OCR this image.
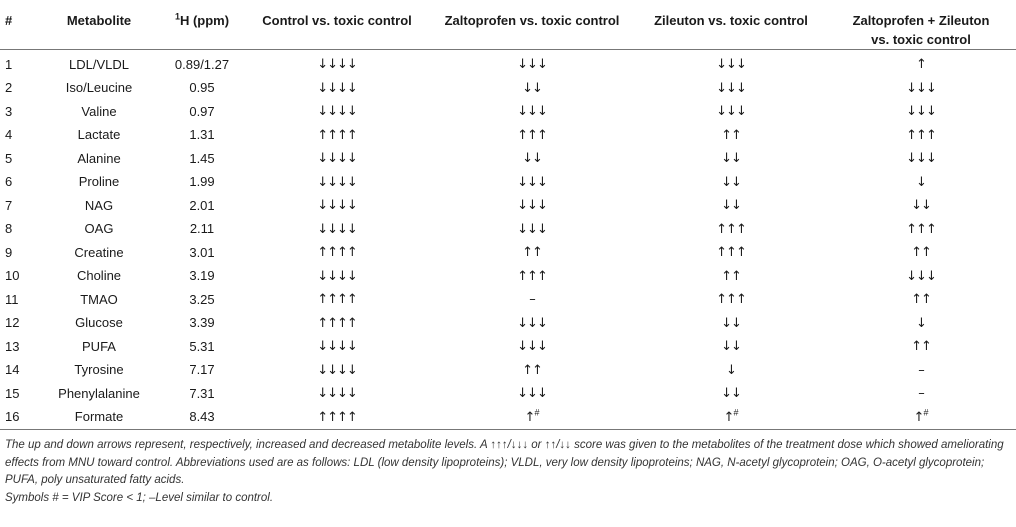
#	Metabolite	$^1$H (ppm)	Control vs. toxic control	Zaltoprofen vs. toxic control	Zileuton vs. toxic control	Zaltoprofen + Zileuton
vs. toxic control
1	LDL/VLDL	0.89/1.27	↓↓↓↓	↓↓↓	↓↓↓	↑
2	Iso/Leucine	0.95	↓↓↓↓	↓↓	↓↓↓	↓↓↓
3	Valine	0.97	↓↓↓↓	↓↓↓	↓↓↓	↓↓↓
4	Lactate	1.31	↑↑↑↑	↑↑↑	↑↑	↑↑↑
5	Alanine	1.45	↓↓↓↓	↓↓	↓↓	↓↓↓
6	Proline	1.99	↓↓↓↓	↓↓↓	↓↓	↓
7	NAG	2.01	↓↓↓↓	↓↓↓	↓↓	↓↓
8	OAG	2.11	↓↓↓↓	↓↓↓	↑↑↑	↑↑↑
9	Creatine	3.01	↑↑↑↑	↑↑	↑↑↑	↑↑
10	Choline	3.19	↓↓↓↓	↑↑↑	↑↑	↓↓↓
11	TMAO	3.25	↑↑↑↑	–	↑↑↑	↑↑
12	Glucose	3.39	↑↑↑↑	↓↓↓	↓↓	↓
13	PUFA	5.31	↓↓↓↓	↓↓↓	↓↓	↑↑
14	Tyrosine	7.17	↓↓↓↓	↑↑	↓	–
15	Phenylalanine	7.31	↓↓↓↓	↓↓↓	↓↓	–
16	Formate	8.43	↑↑↑↑	↑#	↑#	↑#

The up and down arrows represent, respectively, increased and decreased metabolite levels. A ↑↑↑/↓↓↓ or ↑↑/↓↓ score was given to the metabolites of the treatment dose which showed ameliorating effects from MNU toward control. Abbreviations used are as follows: LDL (low density lipoproteins); VLDL, very low density lipoproteins; NAG, N-acetyl glycoprotein; OAG, O-acetyl glycoprotein; PUFA, poly unsaturated fatty acids.

Symbols # = VIP Score < 1; –Level similar to control.
